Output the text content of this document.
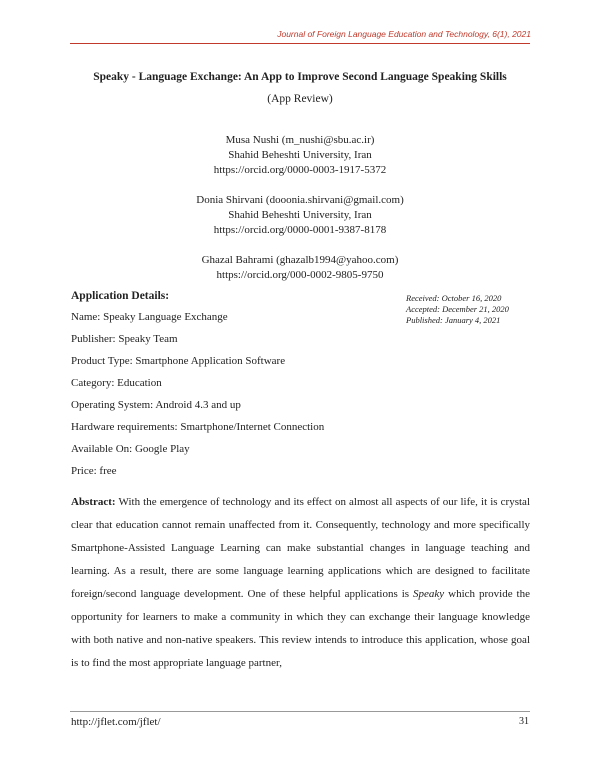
Journal of Foreign Language Education and Technology, 6(1), 2021
Speaky - Language Exchange: An App to Improve Second Language Speaking Skills
(App Review)
Musa Nushi (m_nushi@sbu.ac.ir)
Shahid Beheshti University, Iran
https://orcid.org/0000-0003-1917-5372
Donia Shirvani (dooonia.shirvani@gmail.com)
Shahid Beheshti University, Iran
https://orcid.org/0000-0001-9387-8178
Ghazal Bahrami (ghazalb1994@yahoo.com)
https://orcid.org/000-0002-9805-9750
Application Details:
Name: Speaky Language Exchange
Publisher: Speaky Team
Product Type: Smartphone Application Software
Category: Education
Operating System: Android 4.3 and up
Hardware requirements: Smartphone/Internet Connection
Available On: Google Play
Price: free
Received: October 16, 2020
Accepted: December 21, 2020
Published: January 4, 2021
Abstract: With the emergence of technology and its effect on almost all aspects of our life, it is crystal clear that education cannot remain unaffected from it. Consequently, technology and more specifically Smartphone-Assisted Language Learning can make substantial changes in language teaching and learning. As a result, there are some language learning applications which are designed to facilitate foreign/second language development. One of these helpful applications is Speaky which provide the opportunity for learners to make a community in which they can exchange their language knowledge with both native and non-native speakers. This review intends to introduce this application, whose goal is to find the most appropriate language partner,
http://jflet.com/jflet/	31
